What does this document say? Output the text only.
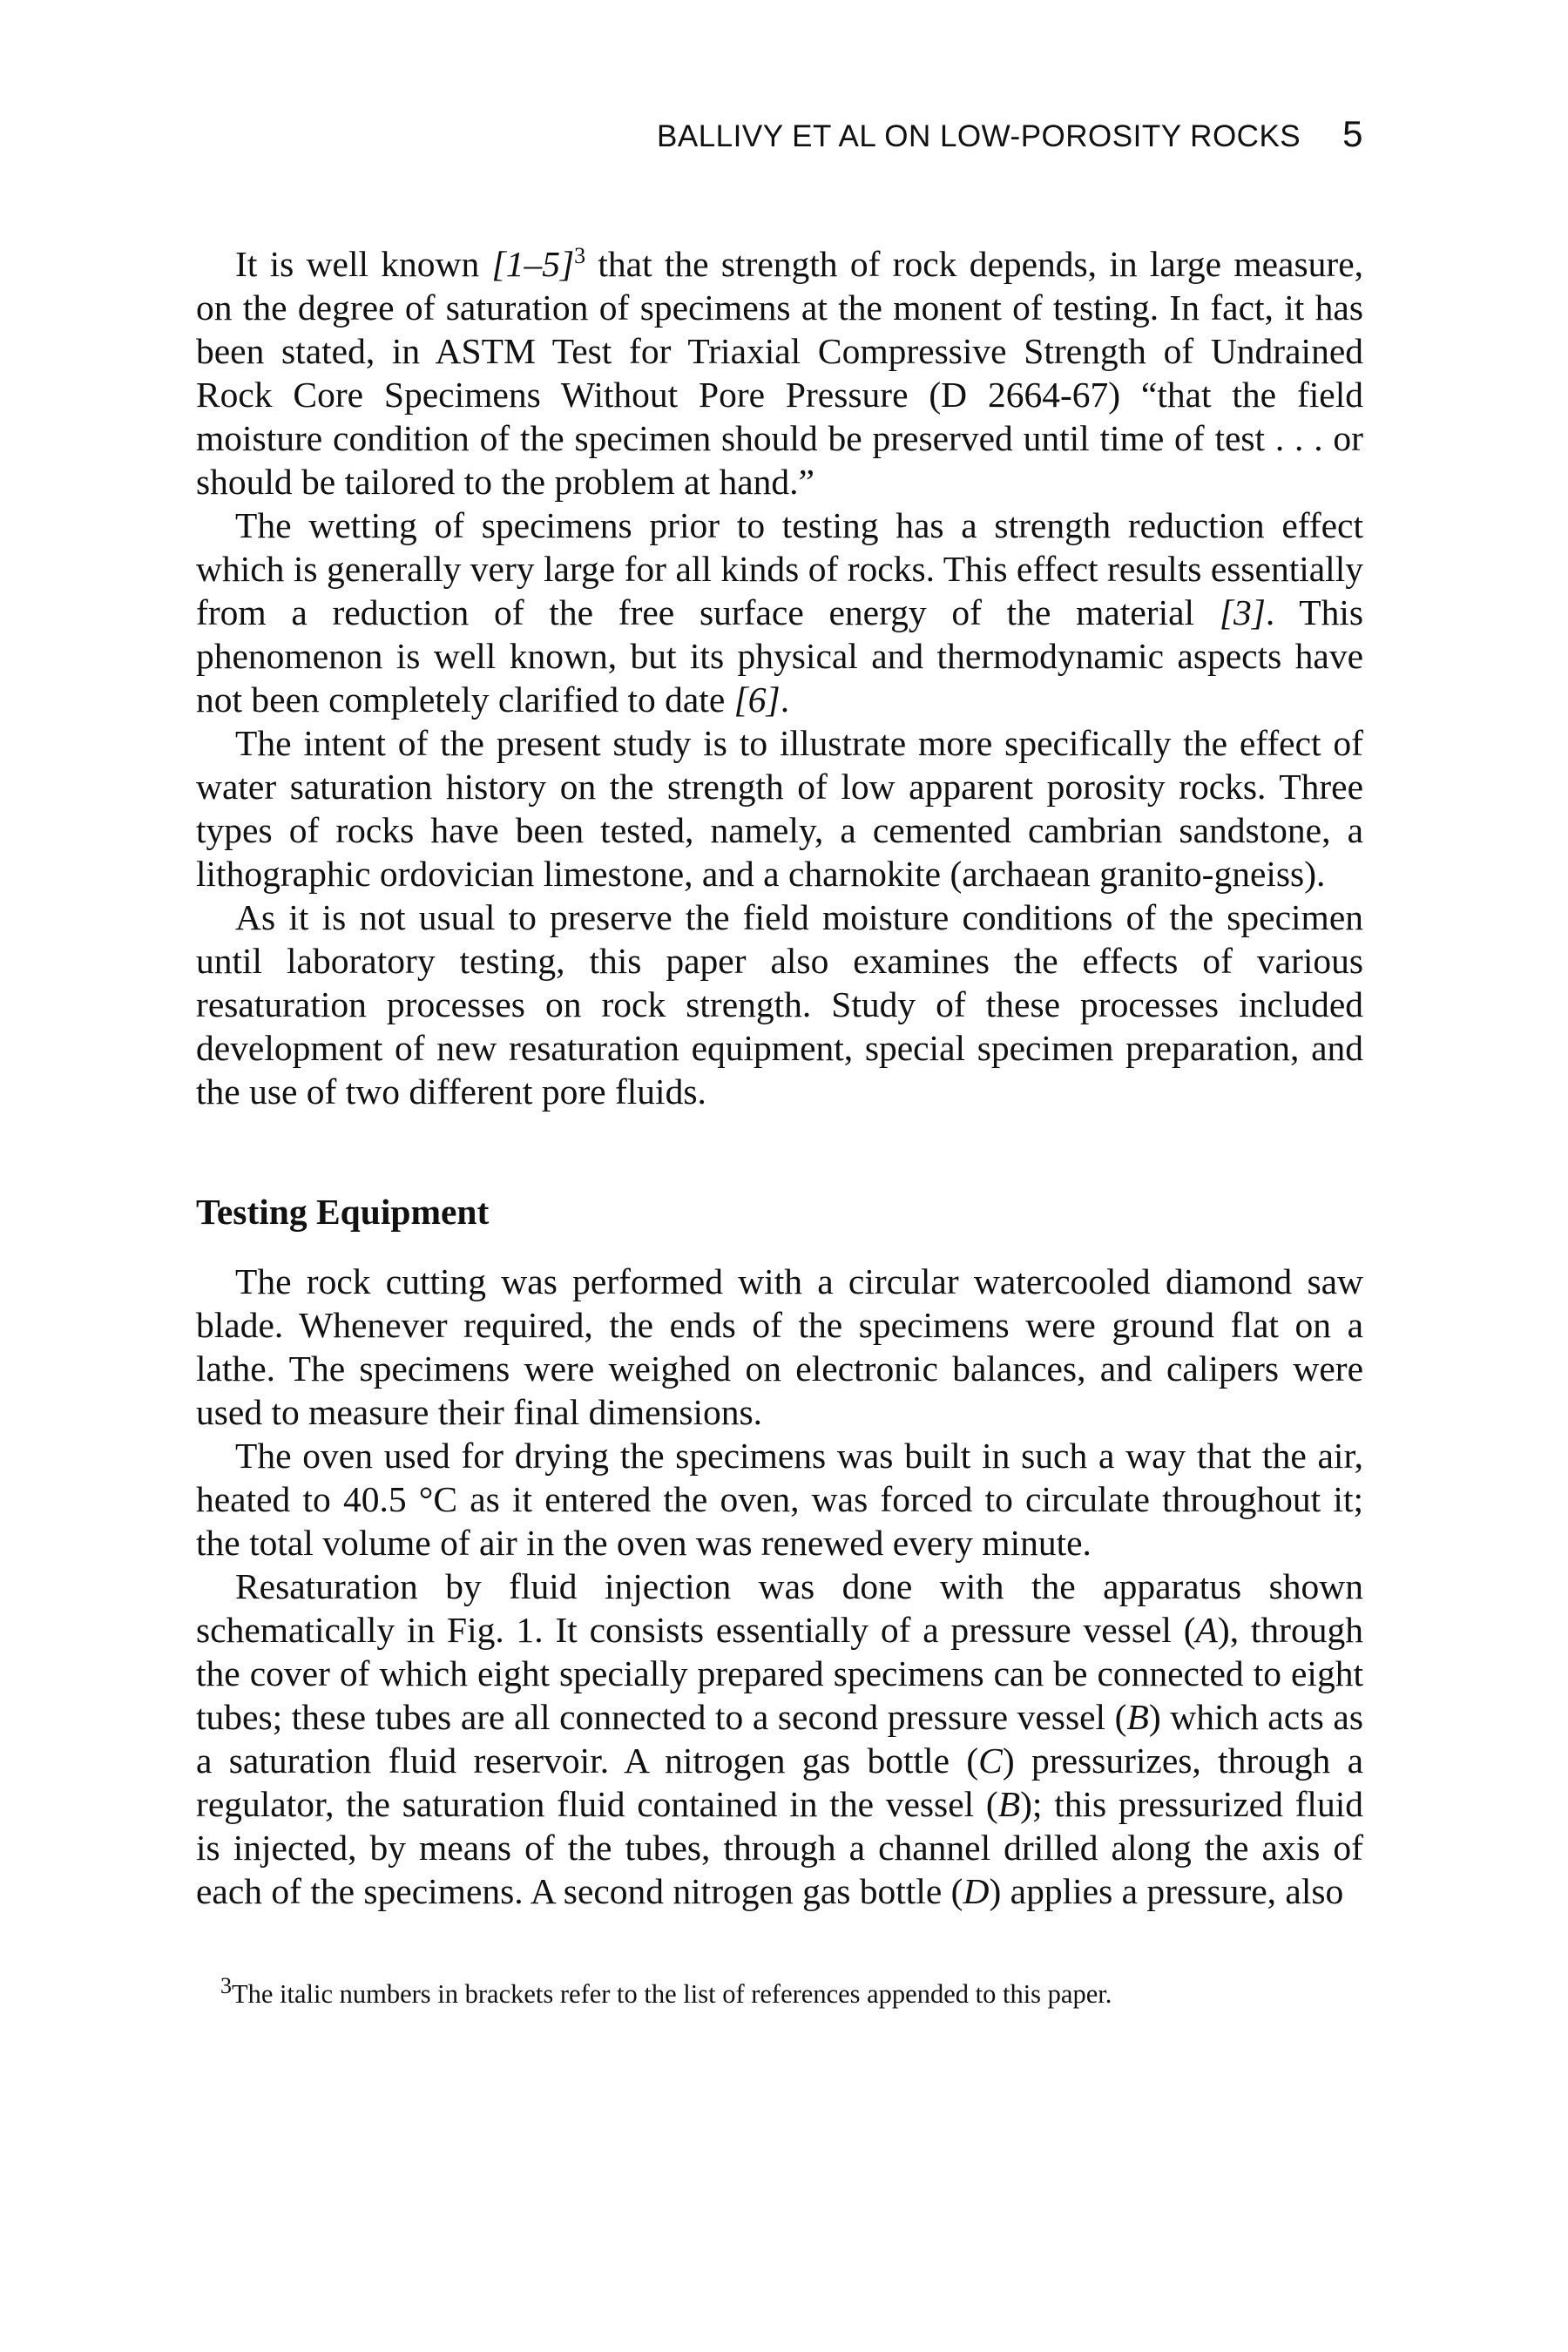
BALLIVY ET AL ON LOW-POROSITY ROCKS 5

It is well known $[1-5]^3$ that the strength of rock depends, in large measure, on the degree of saturation of specimens at the monent of testing. In fact, it has been stated, in ASTM Test for Triaxial Compressive Strength of Undrained Rock Core Specimens Without Pore Pressure (D 2664-67) “that the field moisture condition of the specimen should be preserved until time of test . . . or should be tailored to the problem at hand.”

The wetting of specimens prior to testing has a strength reduction effect which is generally very large for all kinds of rocks. This effect results essentially from a reduction of the free surface energy of the material [3]. This phenomenon is well known, but its physical and thermodynamic aspects have not been completely clarified to date [6].

The intent of the present study is to illustrate more specifically the effect of water saturation history on the strength of low apparent porosity rocks. Three types of rocks have been tested, namely, a cemented cambrian sandstone, a lithographic ordovician limestone, and a charnokite (archaean granito-gneiss).

As it is not usual to preserve the field moisture conditions of the specimen until laboratory testing, this paper also examines the effects of various resaturation processes on rock strength. Study of these processes included development of new resaturation equipment, special specimen preparation, and the use of two different pore fluids.

Testing Equipment

The rock cutting was performed with a circular watercooled diamond saw blade. Whenever required, the ends of the specimens were ground flat on a lathe. The specimens were weighed on electronic balances, and calipers were used to measure their final dimensions.

The oven used for drying the specimens was built in such a way that the air, heated to 40.5 °C as it entered the oven, was forced to circulate throughout it; the total volume of air in the oven was renewed every minute.

Resaturation by fluid injection was done with the apparatus shown schematically in Fig. 1. It consists essentially of a pressure vessel (A), through the cover of which eight specially prepared specimens can be connected to eight tubes; these tubes are all connected to a second pressure vessel (B) which acts as a saturation fluid reservoir. A nitrogen gas bottle (C) pressurizes, through a regulator, the saturation fluid contained in the vessel (B); this pressurized fluid is injected, by means of the tubes, through a channel drilled along the axis of each of the specimens. A second nitrogen gas bottle (D) applies a pressure, also

$^3$The italic numbers in brackets refer to the list of references appended to this paper.
